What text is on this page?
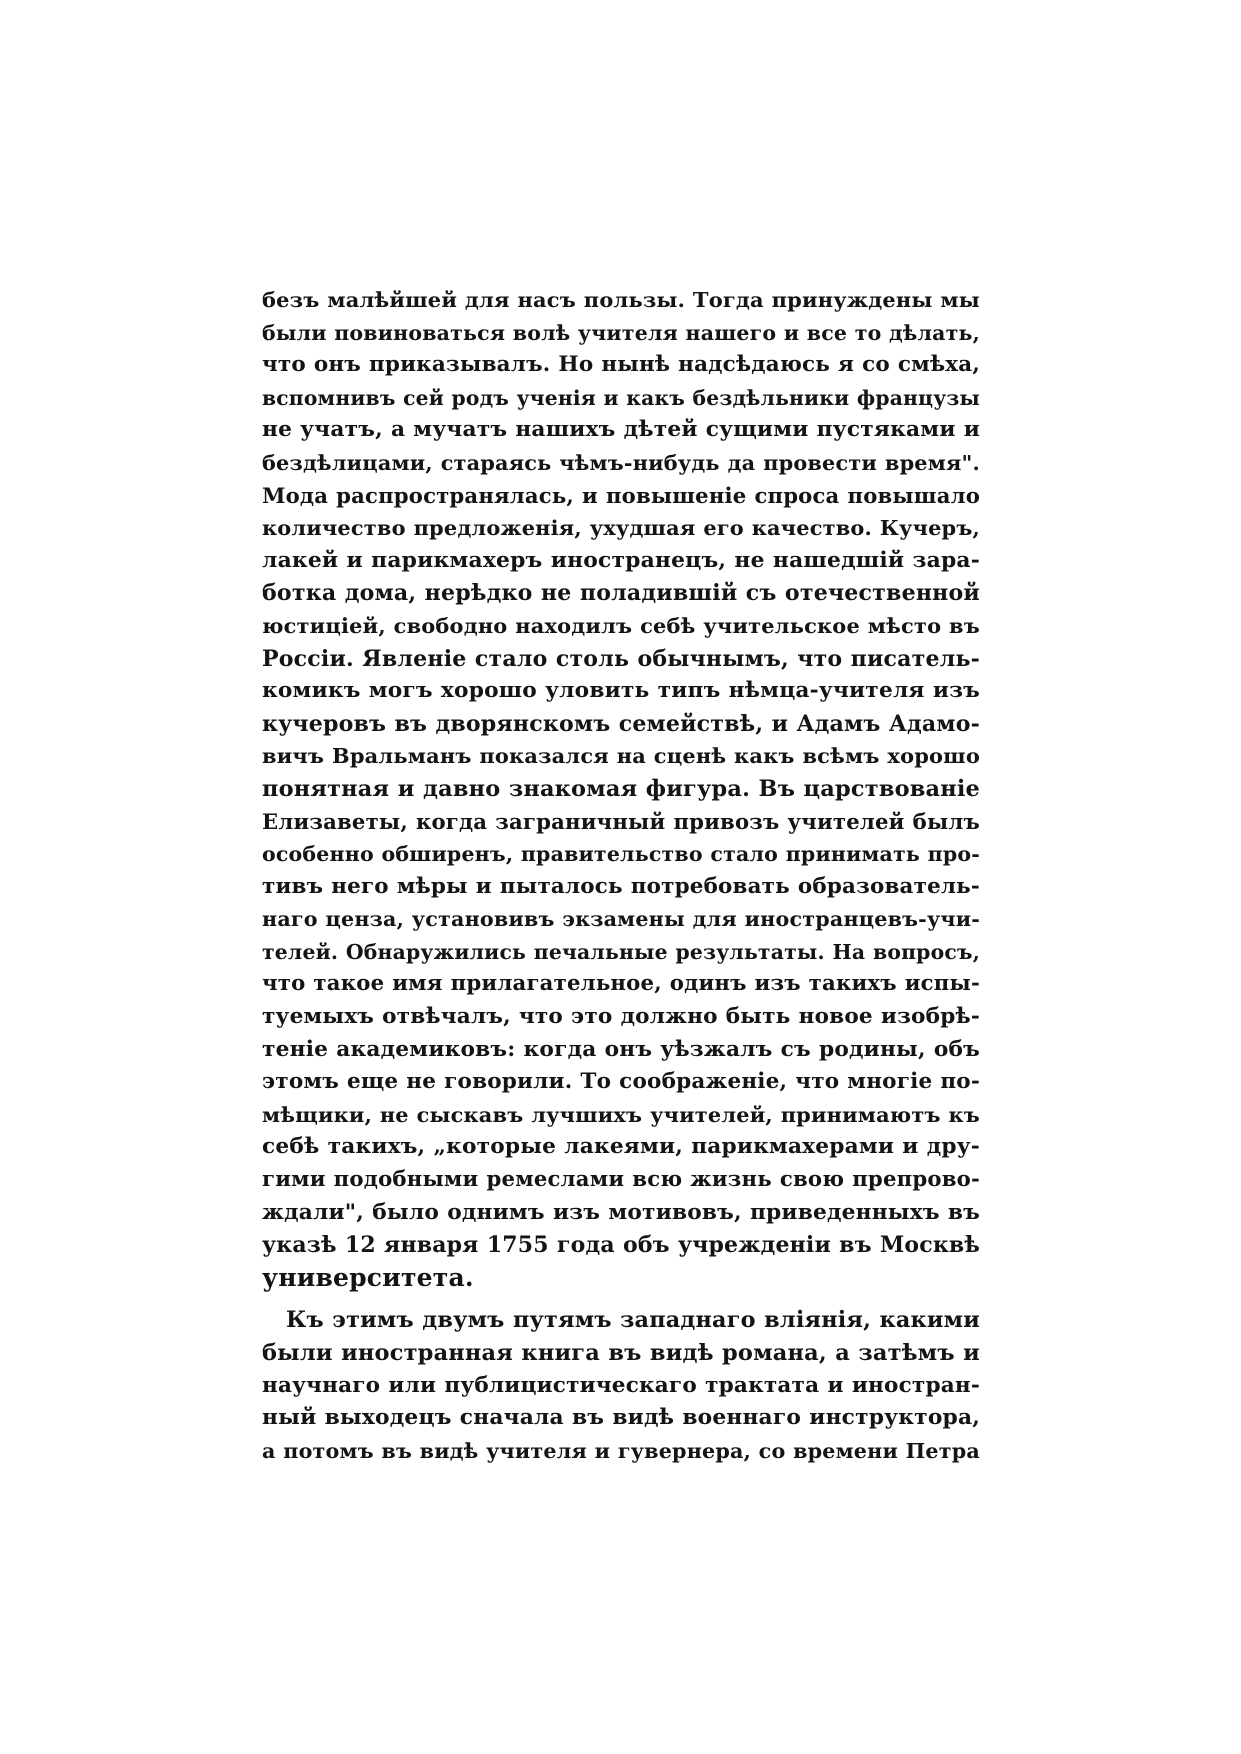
безъ малѣйшей для насъ пользы. Тогда принуждены мы
были повиноваться волѣ учителя нашего и все то дѣлать,
что онъ приказывалъ. Но нынѣ надсѣдаюсь я со смѣха,
вспомнивъ сей родъ ученія и какъ бездѣльники французы
не учатъ, а мучатъ нашихъ дѣтей сущими пустяками и
бездѣлицами, стараясь чѣмъ-нибудь да провести время".
Мода распространялась, и повышеніе спроса повышало
количество предложенія, ухудшая его качество. Кучеръ,
лакей и парикмахеръ иностранецъ, не нашедшій зара-
ботка дома, нерѣдко не поладившій съ отечественной
юстиціей, свободно находилъ себѣ учительское мѣсто въ
Россіи. Явленіе стало столь обычнымъ, что писатель-
комикъ могъ хорошо уловить типъ нѣмца-учителя изъ
кучеровъ въ дворянскомъ семействѣ, и Адамъ Адамо-
вичъ Вральманъ показался на сценѣ какъ всѣмъ хорошо
понятная и давно знакомая фигура. Въ царствованіе
Елизаветы, когда заграничный привозъ учителей былъ
особенно обширенъ, правительство стало принимать про-
тивъ него мѣры и пыталось потребовать образователь-
наго ценза, установивъ экзамены для иностранцевъ-учи-
телей. Обнаружились печальные результаты. На вопросъ,
что такое имя прилагательное, одинъ изъ такихъ испы-
туемыхъ отвѣчалъ, что это должно быть новое изобрѣ-
теніе академиковъ: когда онъ уѣзжалъ съ родины, объ
этомъ еще не говорили. То соображеніе, что многіе по-
мѣщики, не сыскавъ лучшихъ учителей, принимаютъ къ
себѣ такихъ, „которые лакеями, парикмахерами и дру-
гими подобными ремеслами всю жизнь свою препрово-
ждали", было однимъ изъ мотивовъ, приведенныхъ въ
указѣ 12 января 1755 года объ учрежденіи въ Москвѣ
университета.
Къ этимъ двумъ путямъ западнаго вліянія, какими
были иностранная книга въ видѣ романа, а затѣмъ и
научнаго или публицистическаго трактата и иностран-
ный выходецъ сначала въ видѣ военнаго инструктора,
а потомъ въ видѣ учителя и гувернера, со времени Петра
